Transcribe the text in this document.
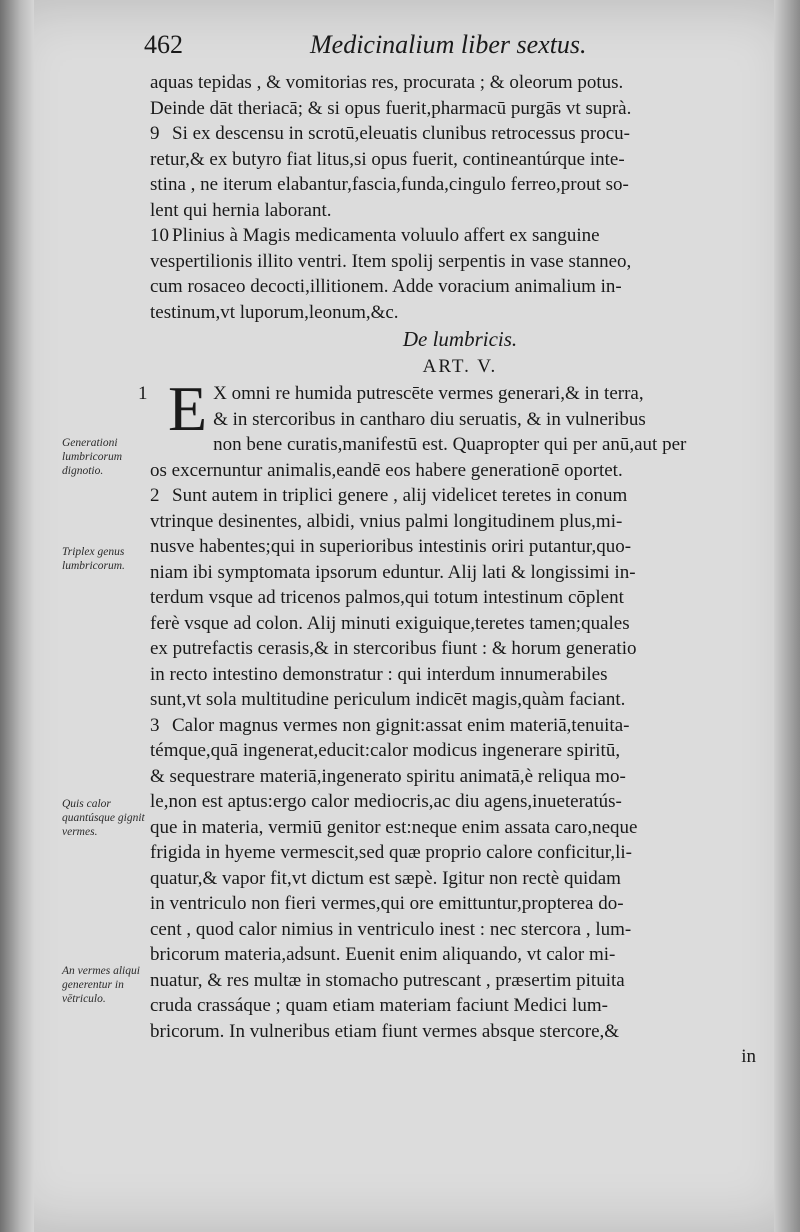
462	Medicinalium liber sextus.
Generationi lumbricorum dignotio.
Triplex genus lumbricorum.
Quis calor quantúsque gignit vermes.
An vermes aliqui generentur in vētriculo.
aquas tepidas , & vomitorias res, procurata ; & oleorum potus.
Deinde dāt theriacā; & si opus fuerit,pharmacū purgās vt suprà.
9 Si ex descensu in scrotū,eleuatis clunibus retrocessus procu-
retur,& ex butyro fiat litus,si opus fuerit, contineantúrque inte-
stina , ne iterum elabantur,fascia,funda,cingulo ferreo,prout so-
lent qui hernia laborant.
10 Plinius à Magis medicamenta voluulo affert ex sanguine
vespertilionis illito ventri. Item spolij serpentis in vase stanneo,
cum rosaceo decocti,illitionem. Adde voracium animalium in-
testinum,vt luporum,leonum,&c.
De lumbricis.
ART. V.
1 E X omni re humida putrescēte vermes generari,& in terra,
& in stercoribus in cantharo diu seruatis, & in vulneribus
non bene curatis,manifestū est. Quapropter qui per anū,aut per
os excernuntur animalis,eandē eos habere generationē oportet.
2 Sunt autem in triplici genere , alij videlicet teretes in conum
vtrinque desinentes, albidi, vnius palmi longitudinem plus,mi-
nusve habentes;qui in superioribus intestinis oriri putantur,quo-
niam ibi symptomata ipsorum eduntur. Alij lati & longissimi in-
terdum vsque ad tricenos palmos,qui totum intestinum cōplent
ferè vsque ad colon. Alij minuti exiguique,teretes tamen;quales
ex putrefactis cerasis,& in stercoribus fiunt : & horum generatio
in recto intestino demonstratur : qui interdum innumerabiles
sunt,vt sola multitudine periculum indicēt magis,quàm faciant.
3 Calor magnus vermes non gignit:assat enim materiā,tenuita-
témque,quā ingenerat,educit:calor modicus ingenerare spiritū,
& sequestrare materiā,ingenerato spiritu animatā,è reliqua mo-
le,non est aptus:ergo calor mediocris,ac diu agens,inueteratús-
que in materia, vermiū genitor est:neque enim assata caro,neque
frigida in hyeme vermescit,sed quæ proprio calore conficitur,li-
quatur,& vapor fit,vt dictum est sæpè. Igitur non rectè quidam
in ventriculo non fieri vermes,qui ore emittuntur,propterea do-
cent , quod calor nimius in ventriculo inest : nec stercora , lum-
bricorum materia,adsunt. Euenit enim aliquando, vt calor mi-
nuatur, & res multæ in stomacho putrescant , præsertim pituita
cruda crassáque ; quam etiam materiam faciunt Medici lum-
bricorum. In vulneribus etiam fiunt vermes absque stercore,&
in
